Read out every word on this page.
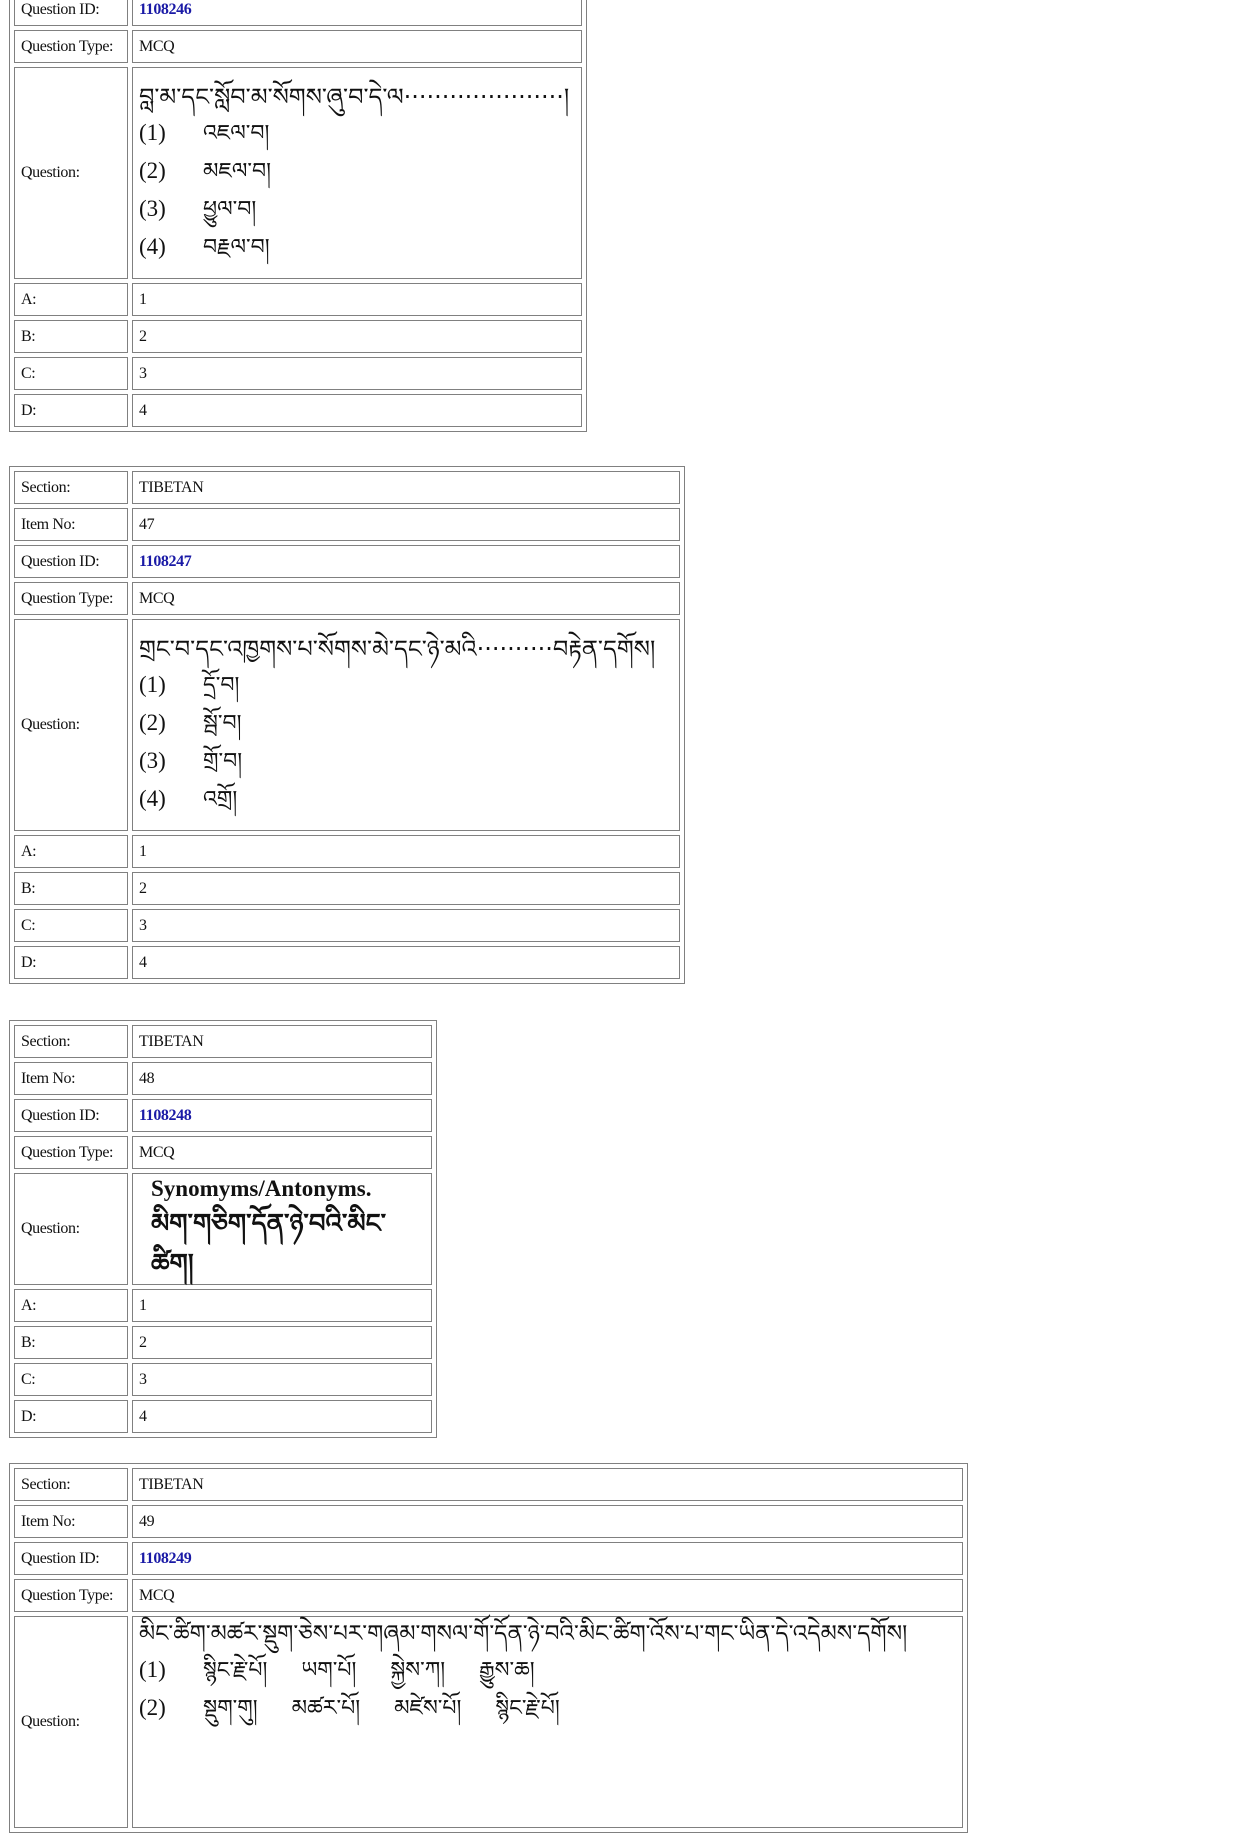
Question ID:	1108246
Question Type:	MCQ
Question:	བླ་མ་དང་སློབ་མ་སོགས་ཞུ་བ་དེ་ལ·····················།
(1) འཇལ་བ།
(2) མཇལ་བ།
(3) ཕྱུལ་བ།
(4) བརྗལ་བ།

A:	1
B:	2
C:	3
D:	4
Section:	TIBETAN
Item No:	47
Question ID:	1108247
Question Type:	MCQ
Question:	གྲང་བ་དང་འཁྱགས་པ་སོགས་མེ་དང་ཉེ་མའི··········བརྟེན་དགོས།
(1) དྲོ་བ།
(2) སྦོ་བ།
(3) གྲོ་བ།
(4) འགྲོ།

A:	1
B:	2
C:	3
D:	4
Section:	TIBETAN
Item No:	48
Question ID:	1108248
Question Type:	MCQ
Question:	Synomyms/Antonyms.
མིག་གཅིག་དོན་ཉེ་བའི་མིང་ཚིག།

A:	1
B:	2
C:	3
D:	4
Section:	TIBETAN
Item No:	49
Question ID:	1108249
Question Type:	MCQ
Question:	མིང་ཚིག་མཚར་སྡུག་ཅེས་པར་གཞམ་གསལ་གོ་དོན་ཉེ་བའི་མིང་ཚིག་འོས་པ་གང་ཡིན་དེ་འདེམས་དགོས།
(1) སྙིང་རྗེ་པོ། ཡག་པོ། སྐྱེས་ཀ། རྒྱུས་ཆ།
(2) སྡུག་གུ། མཚར་པོ། མཛེས་པོ། སྙིང་རྗེ་པོ།
